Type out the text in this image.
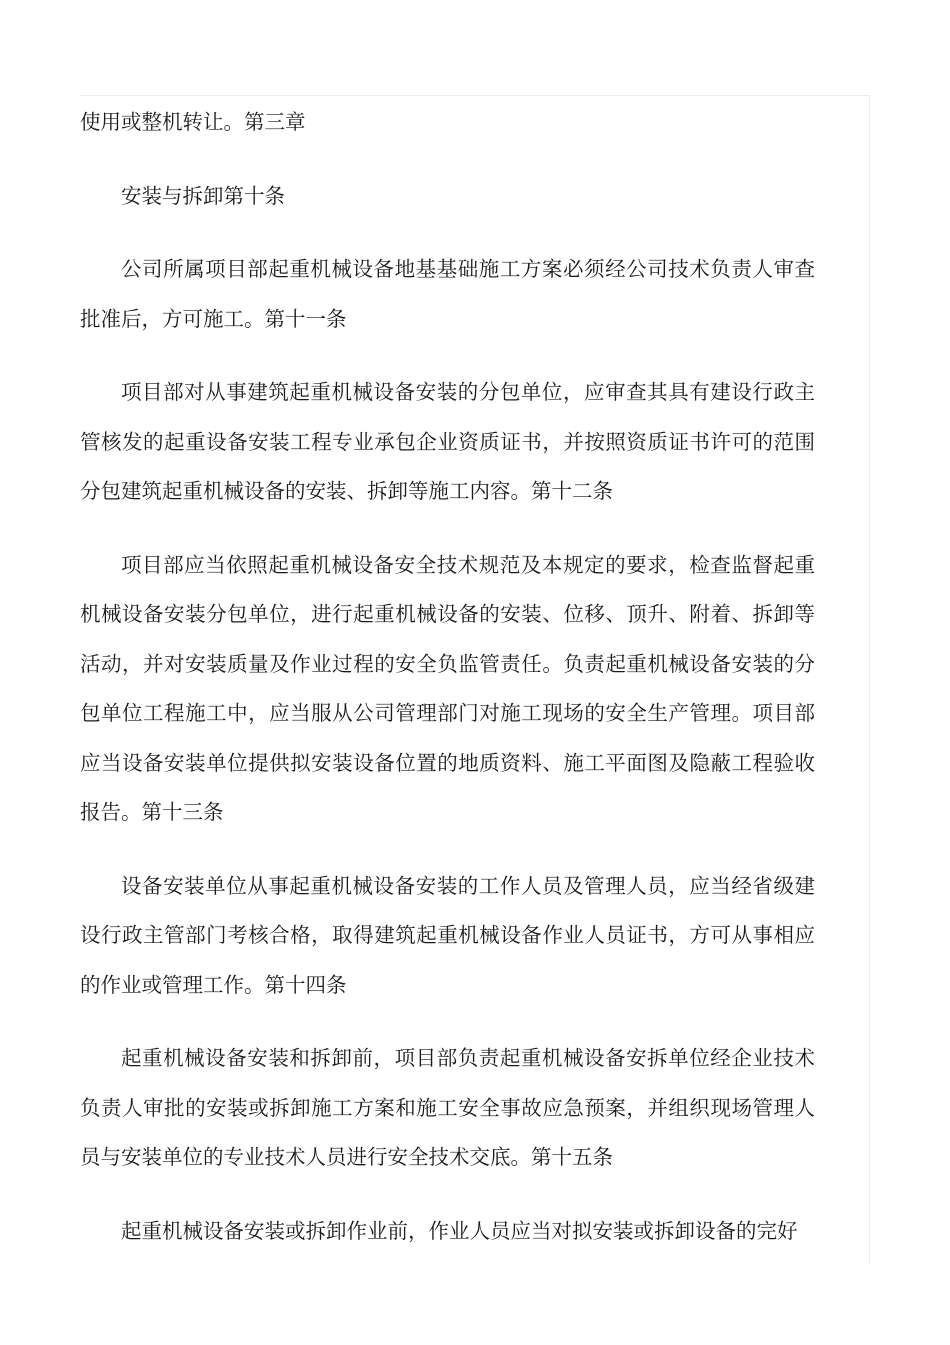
使用或整机转让。第三章

安装与拆卸第十条

公司所属项目部起重机械设备地基基础施工方案必须经公司技术负责人审查批准后，方可施工。第十一条

项目部对从事建筑起重机械设备安装的分包单位，应审查其具有建设行政主管核发的起重设备安装工程专业承包企业资质证书，并按照资质证书许可的范围分包建筑起重机械设备的安装、拆卸等施工内容。第十二条

项目部应当依照起重机械设备安全技术规范及本规定的要求，检查监督起重机械设备安装分包单位，进行起重机械设备的安装、位移、顶升、附着、拆卸等活动，并对安装质量及作业过程的安全负监管责任。负责起重机械设备安装的分包单位工程施工中，应当服从公司管理部门对施工现场的安全生产管理。项目部应当设备安装单位提供拟安装设备位置的地质资料、施工平面图及隐蔽工程验收报告。第十三条

设备安装单位从事起重机械设备安装的工作人员及管理人员，应当经省级建设行政主管部门考核合格，取得建筑起重机械设备作业人员证书，方可从事相应的作业或管理工作。第十四条

起重机械设备安装和拆卸前，项目部负责起重机械设备安拆单位经企业技术负责人审批的安装或拆卸施工方案和施工安全事故应急预案，并组织现场管理人员与安装单位的专业技术人员进行安全技术交底。第十五条

起重机械设备安装或拆卸作业前，作业人员应当对拟安装或拆卸设备的完好
